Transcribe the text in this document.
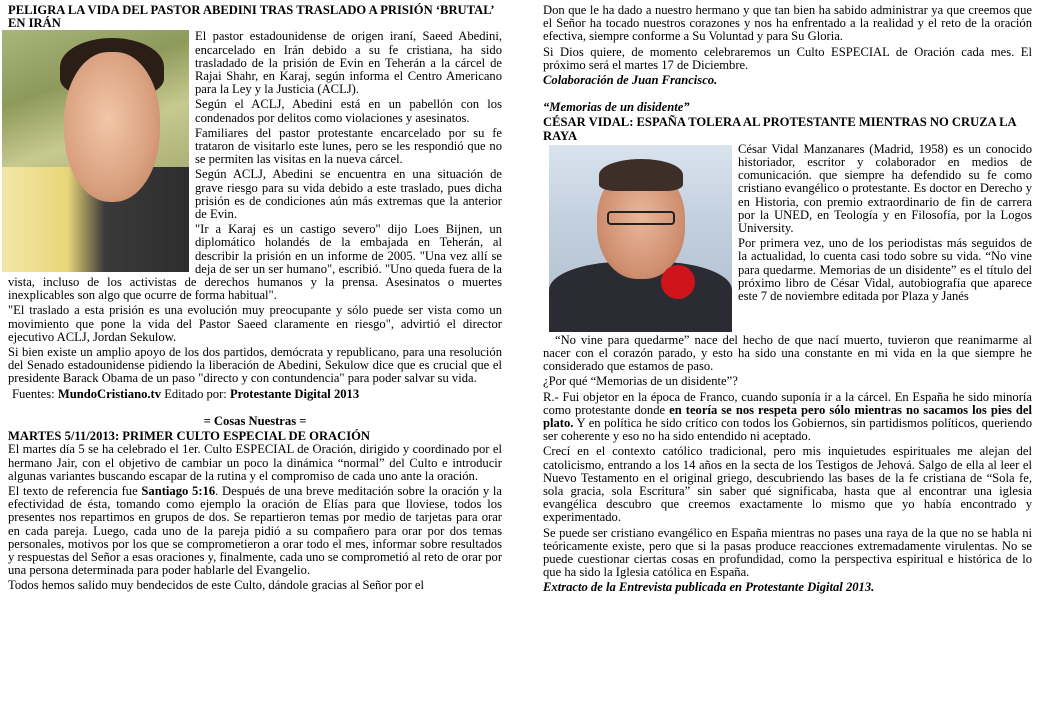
PELIGRA LA VIDA DEL PASTOR ABEDINI TRAS TRASLADO A PRISIÓN ‘BRUTAL’ EN IRÁN

El pastor estadounidense de origen iraní, Saeed Abedini, encarcelado en Irán debido a su fe cristiana, ha sido trasladado de la prisión de Evin en Teherán a la cárcel de Rajai Shahr, en Karaj, según informa el Centro Americano para la Ley y la Justicia (ACLJ).

Según el ACLJ, Abedini está en un pabellón con los condenados por delitos como violaciones y asesinatos.

Familiares del pastor protestante encarcelado por su fe trataron de visitarlo este lunes, pero se les respondió que no se permiten las visitas en la nueva cárcel.

Según ACLJ, Abedini se encuentra en una situación de grave riesgo para su vida debido a este traslado, pues dicha prisión es de condiciones aún más extremas que la anterior de Evin.

"Ir a Karaj es un castigo severo" dijo Loes Bijnen, un diplomático holandés de la embajada en Teherán, al describir la prisión en un informe de 2005. "Una vez allí se deja de ser un ser humano", escribió. "Uno queda fuera de la vista, incluso de los activistas de derechos humanos y la prensa. Asesinatos o muertes inexplicables son algo que ocurre de forma habitual".

"El traslado a esta prisión es una evolución muy preocupante y sólo puede ser vista como un movimiento que pone la vida del Pastor Saeed claramente en riesgo", advirtió el director ejecutivo ACLJ, Jordan Sekulow.

Si bien existe un amplio apoyo de los dos partidos, demócrata y republicano, para una resolución del Senado estadounidense pidiendo la liberación de Abedini, Sekulow dice que es crucial que el presidente Barack Obama de un paso "directo y con contundencia" para poder salvar su vida.

Fuentes: MundoCristiano.tv Editado por: Protestante Digital 2013

= Cosas Nuestras =

MARTES 5/11/2013: PRIMER CULTO ESPECIAL DE ORACIÓN

El martes día 5 se ha celebrado el 1er. Culto ESPECIAL de Oración, dirigido y coordinado por el hermano Jair, con el objetivo de cambiar un poco la dinámica “normal” del Culto e introducir algunas variantes buscando escapar de la rutina y el compromiso de cada uno ante la oración.

El texto de referencia fue Santiago 5:16. Después de una breve meditación sobre la oración y la efectividad de ésta, tomando como ejemplo la oración de Elías para que lloviese, todos los presentes nos repartimos en grupos de dos. Se repartieron temas por medio de tarjetas para orar en cada pareja. Luego, cada uno de la pareja pidió a su compañero para orar por dos temas personales, motivos por los que se comprometieron a orar todo el mes, informar sobre resultados y respuestas del Señor a esas oraciones y, finalmente, cada uno se comprometió al reto de orar por una persona determinada para poder hablarle del Evangelio.

Todos hemos salido muy bendecidos de este Culto, dándole gracias al Señor por el

Don que le ha dado a nuestro hermano y que tan bien ha sabido administrar ya que creemos que el Señor ha tocado nuestros corazones y nos ha enfrentado a la realidad y el reto de la oración efectiva, siempre conforme a Su Voluntad y para Su Gloria.

Si Dios quiere, de momento celebraremos un Culto ESPECIAL de Oración cada mes. El próximo será el martes 17 de Diciembre.

Colaboración de Juan Francisco.

“Memorias de un disidente”

CÉSAR VIDAL: ESPAÑA TOLERA AL PROTESTANTE MIENTRAS NO CRUZA LA RAYA

César Vidal Manzanares (Madrid, 1958) es un conocido historiador, escritor y colaborador en medios de comunicación. que siempre ha defendido su fe como cristiano evangélico o protestante. Es doctor en Derecho y en Historia, con premio extraordinario de fin de carrera por la UNED, en Teología y en Filosofía, por la Logos University.

Por primera vez, uno de los periodistas más seguidos de la actualidad, lo cuenta casi todo sobre su vida. “No vine para quedarme. Memorias de un disidente” es el título del próximo libro de César Vidal, autobiografía que aparece este 7 de noviembre editada por Plaza y Janés

“No vine para quedarme” nace del hecho de que nací muerto, tuvieron que reanimarme al nacer con el corazón parado, y esto ha sido una constante en mi vida en la que siempre he considerado que estamos de paso.

¿Por qué “Memorias de un disidente”?

R.- Fui objetor en la época de Franco, cuando suponía ir a la cárcel. En España he sido minoría como protestante donde en teoría se nos respeta pero sólo mientras no sacamos los pies del plato. Y en política he sido crítico con todos los Gobiernos, sin partidismos políticos, queriendo ser coherente y eso no ha sido entendido ni aceptado.

Crecí en el contexto católico tradicional, pero mis inquietudes espirituales me alejan del catolicismo, entrando a los 14 años en la secta de los Testigos de Jehová. Salgo de ella al leer el Nuevo Testamento en el original griego, descubriendo las bases de la fe cristiana de “Sola fe, sola gracia, sola Escritura” sin saber qué significaba, hasta que al encontrar una iglesia evangélica descubro que creemos exactamente lo mismo que yo había encontrado y experimentado.

Se puede ser cristiano evangélico en España mientras no pases una raya de la que no se habla ni teóricamente existe, pero que si la pasas produce reacciones extremadamente virulentas. No se puede cuestionar ciertas cosas en profundidad, como la perspectiva espiritual e histórica de lo que ha sido la Iglesia católica en España.

Extracto de la Entrevista publicada en Protestante Digital 2013.
